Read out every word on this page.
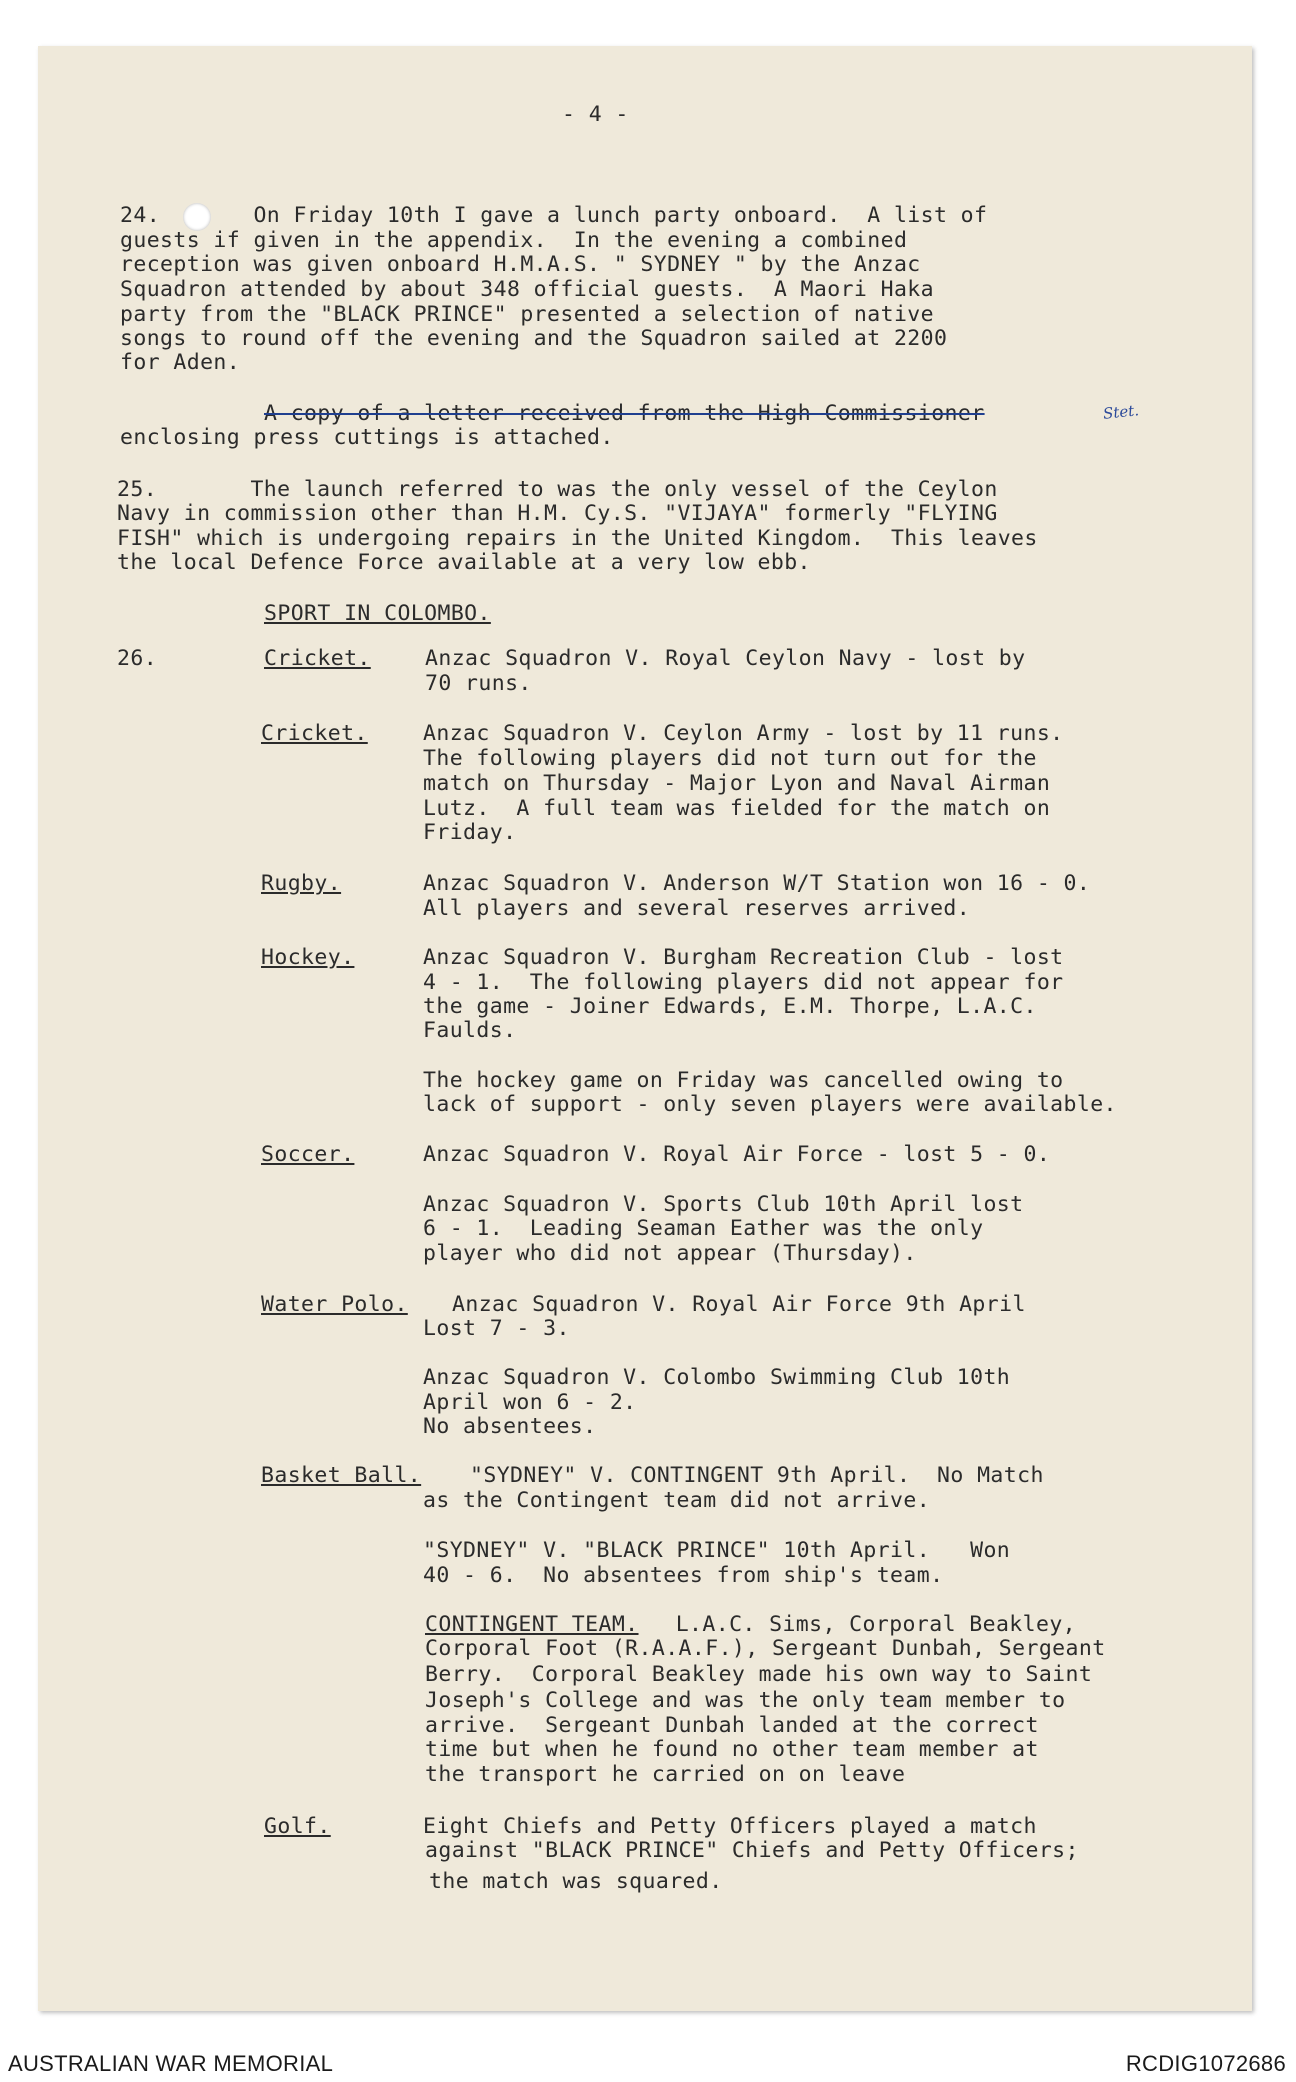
- 4 -
24.       On Friday 10th I gave a lunch party onboard.  A list of
guests if given in the appendix.  In the evening a combined
reception was given onboard H.M.A.S. " SYDNEY " by the Anzac
Squadron attended by about 348 official guests.  A Maori Haka
party from the "BLACK PRINCE" presented a selection of native
songs to round off the evening and the Squadron sailed at 2200
for Aden.
A copy of a letter received from the High Commissioner	Stet.
enclosing press cuttings is attached.
25.       The launch referred to was the only vessel of the Ceylon
Navy in commission other than H.M. Cy.S. "VIJAYA" formerly "FLYING
FISH" which is undergoing repairs in the United Kingdom.  This leaves
the local Defence Force available at a very low ebb.
SPORT IN COLOMBO.
26.	Cricket.	Anzac Squadron V. Royal Ceylon Navy - lost by
70 runs.
Cricket.	Anzac Squadron V. Ceylon Army - lost by 11 runs.
The following players did not turn out for the
match on Thursday - Major Lyon and Naval Airman
Lutz.  A full team was fielded for the match on
Friday.
Rugby.	Anzac Squadron V. Anderson W/T Station won 16 - 0.
All players and several reserves arrived.
Hockey.	Anzac Squadron V. Burgham Recreation Club - lost
4 - 1.  The following players did not appear for
the game - Joiner Edwards, E.M. Thorpe, L.A.C.
Faulds.
The hockey game on Friday was cancelled owing to
lack of support - only seven players were available.
Soccer.	Anzac Squadron V. Royal Air Force - lost 5 - 0.
Anzac Squadron V. Sports Club 10th April lost
6 - 1.  Leading Seaman Eather was the only
player who did not appear (Thursday).
Water Polo. Anzac Squadron V. Royal Air Force 9th April
Lost 7 - 3.
Anzac Squadron V. Colombo Swimming Club 10th
April won 6 - 2.
No absentees.
Basket Ball. "SYDNEY" V. CONTINGENT 9th April.  No Match
as the Contingent team did not arrive.
"SYDNEY" V. "BLACK PRINCE" 10th April.   Won
40 - 6.  No absentees from ship's team.
CONTINGENT TEAM. L.A.C. Sims, Corporal Beakley,
Corporal Foot (R.A.A.F.), Sergeant Dunbah, Sergeant
Berry.  Corporal Beakley made his own way to Saint
Joseph's College and was the only team member to
arrive.  Sergeant Dunbah landed at the correct
time but when he found no other team member at
the transport he carried on on leave
Golf.	Eight Chiefs and Petty Officers played a match
against "BLACK PRINCE" Chiefs and Petty Officers;
the match was squared.
AUSTRALIAN WAR MEMORIAL	RCDIG1072686
